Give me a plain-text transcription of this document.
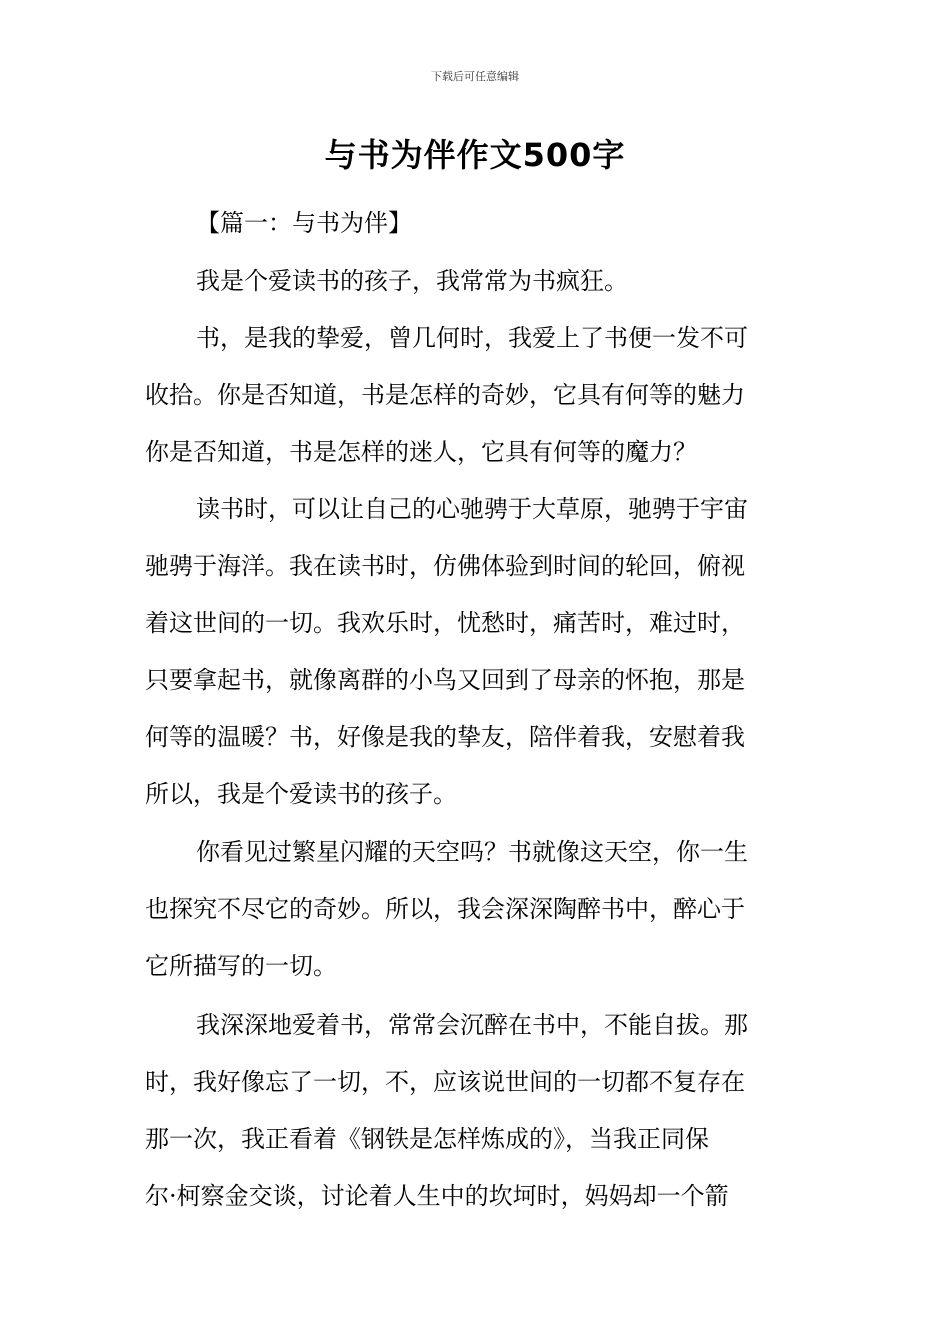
下载后可任意编辑
与书为伴作文500字
【篇一：与书为伴】
我是个爱读书的孩子，我常常为书疯狂。
书，是我的挚爱，曾几何时，我爱上了书便一发不可
收拾。你是否知道，书是怎样的奇妙，它具有何等的魅力
你是否知道，书是怎样的迷人，它具有何等的魔力？
读书时，可以让自己的心驰骋于大草原，驰骋于宇宙
驰骋于海洋。我在读书时，仿佛体验到时间的轮回，俯视
着这世间的一切。我欢乐时，忧愁时，痛苦时，难过时，
只要拿起书，就像离群的小鸟又回到了母亲的怀抱，那是
何等的温暖？书，好像是我的挚友，陪伴着我，安慰着我
所以，我是个爱读书的孩子。
你看见过繁星闪耀的天空吗？书就像这天空，你一生
也探究不尽它的奇妙。所以，我会深深陶醉书中，醉心于
它所描写的一切。
我深深地爱着书，常常会沉醉在书中，不能自拔。那
时，我好像忘了一切，不，应该说世间的一切都不复存在
那一次，我正看着《钢铁是怎样炼成的》，当我正同保
尔·柯察金交谈，讨论着人生中的坎坷时，妈妈却一个箭
